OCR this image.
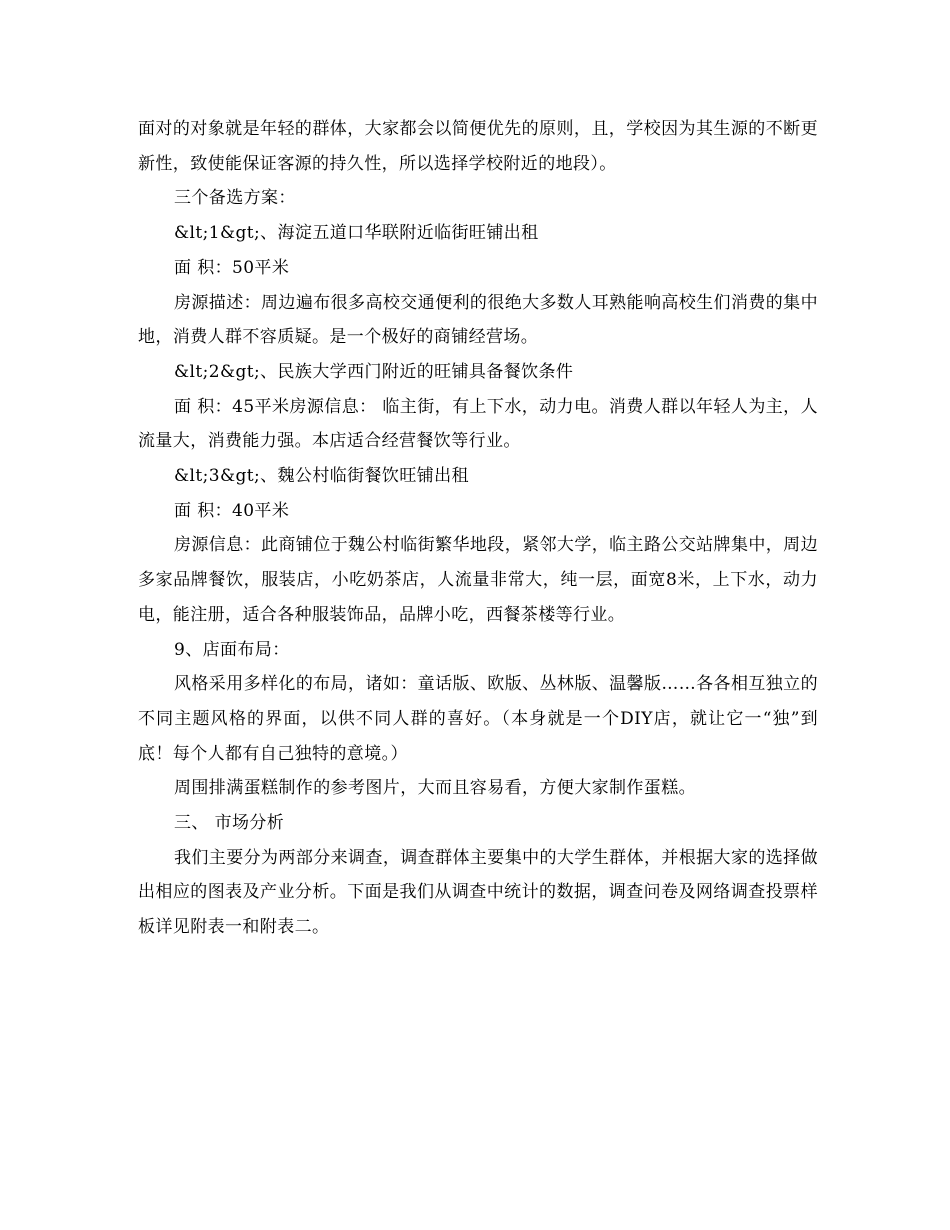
面对的对象就是年轻的群体，大家都会以简便优先的原则，且，学校因为其生源的不断更新性，致使能保证客源的持久性，所以选择学校附近的地段）。

三个备选方案：

&lt;1&gt;、海淀五道口华联附近临街旺铺出租

面 积：50平米

房源描述：周边遍布很多高校交通便利的很绝大多数人耳熟能响高校生们消费的集中地，消费人群不容质疑。是一个极好的商铺经营场。

&lt;2&gt;、民族大学西门附近的旺铺具备餐饮条件

面 积：45平米房源信息： 临主街，有上下水，动力电。消费人群以年轻人为主，人流量大，消费能力强。本店适合经营餐饮等行业。

&lt;3&gt;、魏公村临街餐饮旺铺出租

面 积：40平米

房源信息：此商铺位于魏公村临街繁华地段，紧邻大学，临主路公交站牌集中，周边多家品牌餐饮，服装店，小吃奶茶店，人流量非常大，纯一层，面宽8米，上下水，动力电，能注册，适合各种服装饰品，品牌小吃，西餐茶楼等行业。

9、店面布局：

风格采用多样化的布局，诸如：童话版、欧版、丛林版、温馨版……各各相互独立的不同主题风格的界面，以供不同人群的喜好。（本身就是一个DIY店，就让它一“独”到底！每个人都有自己独特的意境。）

周围排满蛋糕制作的参考图片，大而且容易看，方便大家制作蛋糕。

三、 市场分析

我们主要分为两部分来调查，调查群体主要集中的大学生群体，并根据大家的选择做出相应的图表及产业分析。下面是我们从调查中统计的数据，调查问卷及网络调查投票样板详见附表一和附表二。
